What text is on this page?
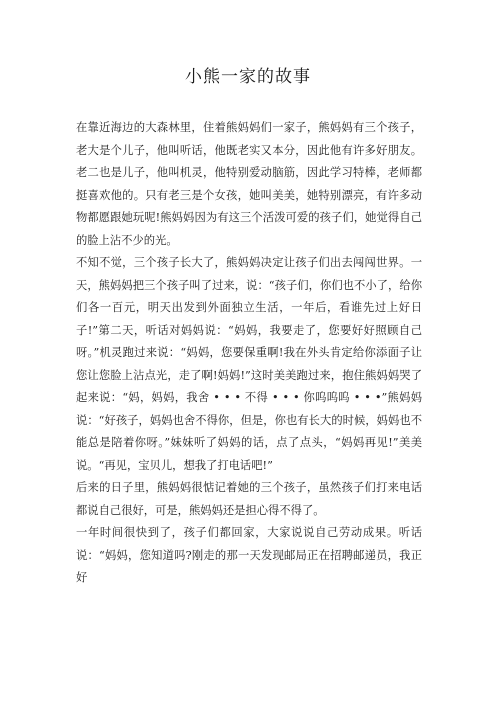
小熊一家的故事

在靠近海边的大森林里，住着熊妈妈们一家子，熊妈妈有三个孩子，老大是个儿子，他叫听话，他既老实又本分，因此他有许多好朋友。老二也是儿子，他叫机灵，他特别爱动脑筋，因此学习特棒，老师都挺喜欢他的。只有老三是个女孩，她叫美美，她特别漂亮，有许多动物都愿跟她玩呢!熊妈妈因为有这三个活泼可爱的孩子们，她觉得自己的脸上沾不少的光。

不知不觉，三个孩子长大了，熊妈妈决定让孩子们出去闯闯世界。一天，熊妈妈把三个孩子叫了过来，说：“孩子们，你们也不小了，给你们各一百元，明天出发到外面独立生活，一年后，看谁先过上好日子!”第二天，听话对妈妈说：“妈妈，我要走了，您要好好照顾自己呀。”机灵跑过来说：“妈妈，您要保重啊!我在外头肯定给你添面子让您让您脸上沾点光，走了啊!妈妈!”这时美美跑过来，抱住熊妈妈哭了起来说：“妈，妈妈，我舍 • • • 不得 • • • 你呜呜呜 • • •”熊妈妈说：“好孩子，妈妈也舍不得你，但是，你也有长大的时候，妈妈也不能总是陪着你呀。”妹妹听了妈妈的话，点了点头，“妈妈再见!”美美说。“再见，宝贝儿，想我了打电话吧!”

后来的日子里，熊妈妈很惦记着她的三个孩子，虽然孩子们打来电话都说自己很好，可是，熊妈妈还是担心得不得了。

一年时间很快到了，孩子们都回家，大家说说自己劳动成果。听话说：“妈妈，您知道吗?刚走的那一天发现邮局正在招聘邮递员，我正好
